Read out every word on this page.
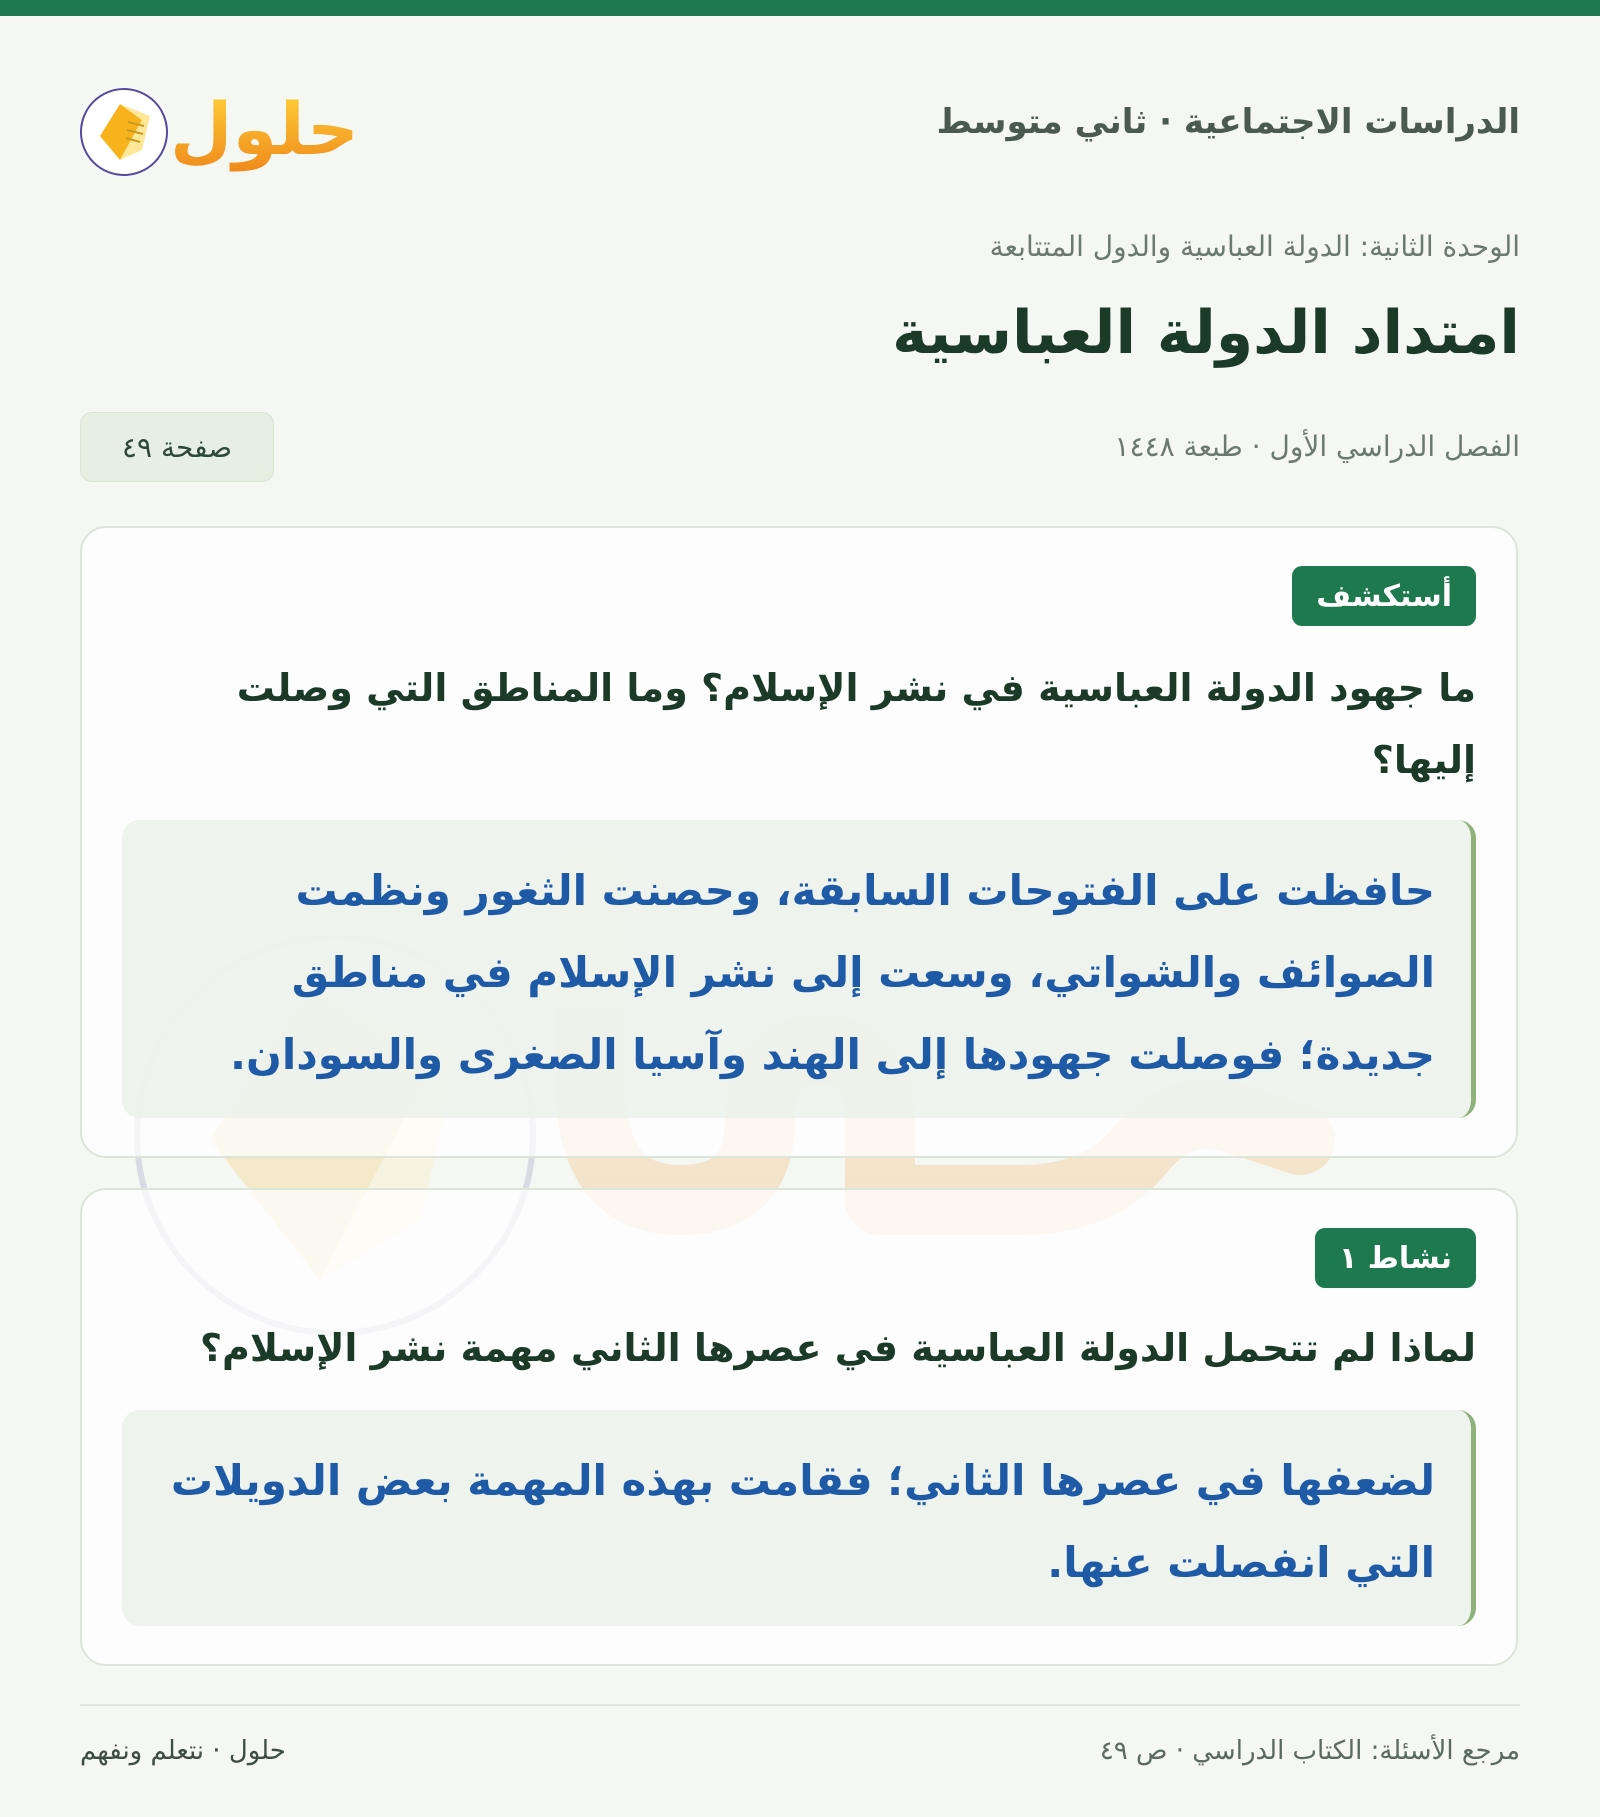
الدراسات الاجتماعية · ثاني متوسط
حلول
الوحدة الثانية: الدولة العباسية والدول المتتابعة
امتداد الدولة العباسية
الفصل الدراسي الأول · طبعة ١٤٤٨
صفحة ٤٩
أستكشف
ما جهود الدولة العباسية في نشر الإسلام؟ وما المناطق التي وصلت إليها؟
حافظت على الفتوحات السابقة، وحصنت الثغور ونظمت الصوائف والشواتي، وسعت إلى نشر الإسلام في مناطق جديدة؛ فوصلت جهودها إلى الهند وآسيا الصغرى والسودان.
نشاط ١
لماذا لم تتحمل الدولة العباسية في عصرها الثاني مهمة نشر الإسلام؟
لضعفها في عصرها الثاني؛ فقامت بهذه المهمة بعض الدويلات التي انفصلت عنها.
مرجع الأسئلة: الكتاب الدراسي · ص ٤٩
حلول · نتعلم ونفهم
